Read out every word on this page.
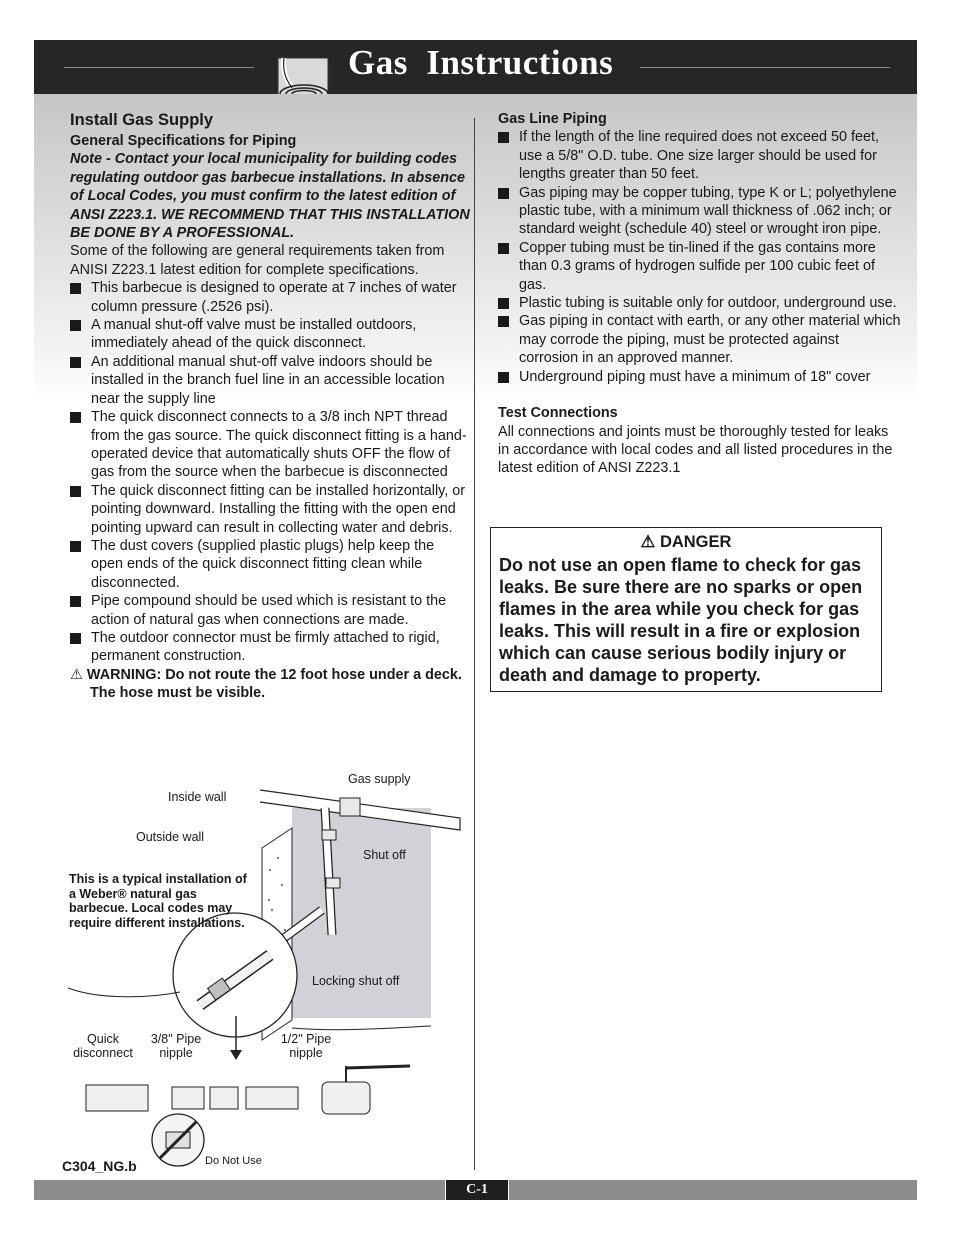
Gas  Instructions
Install Gas Supply
General Specifications for Piping

Note - Contact your local municipality for building codes regulating outdoor gas barbecue installations. In absence of Local Codes, you must confirm to the latest edition of ANSI Z223.1. WE RECOMMEND THAT THIS INSTALLATION BE DONE BY A PROFESSIONAL.

Some of the following are general requirements taken from ANISI Z223.1 latest edition for complete specifications.

This barbecue is designed to operate at 7 inches of water column pressure (.2526 psi).
A manual shut-off valve must be installed outdoors, immediately ahead of the quick disconnect.
An additional manual shut-off valve indoors should be installed in the branch fuel line in an accessible location near the supply line
The quick disconnect connects to a 3/8 inch NPT thread from the gas source. The quick disconnect fitting is a hand-operated device that automatically shuts OFF the flow of gas from the source when the barbecue is disconnected
The quick disconnect fitting can be installed horizontally, or pointing downward. Installing the fitting with the open end pointing upward can result in collecting water and debris.
The dust covers (supplied plastic plugs) help keep the open ends of the quick disconnect fitting clean while disconnected.
Pipe compound should be used which is resistant to the action of natural gas when connections are made.
The outdoor connector must be firmly attached to rigid, permanent construction.

⚠ WARNING: Do not route the 12 foot hose under a deck. The hose must be visible.

Gas Line Piping
If the length of the line required does not exceed 50 feet, use a 5/8" O.D. tube. One size larger should be used for lengths greater than 50 feet.
Gas piping may be copper tubing, type K or L; polyethylene plastic tube, with a minimum wall thickness of .062 inch; or standard weight (schedule 40) steel or wrought iron pipe.
Copper tubing must be tin-lined if the gas contains more than 0.3 grams of hydrogen sulfide per 100 cubic feet of gas.
Plastic tubing is suitable only for outdoor, underground use.
Gas piping in contact with earth, or any other material which may corrode the piping, must be protected against corrosion in an approved manner.
Underground piping must have a minimum of 18" cover
Test Connections

All connections and joints must be thoroughly tested for leaks in accordance with local codes and all listed procedures in the latest edition of ANSI Z223.1

⚠ DANGER
Do not use an open flame to check for gas leaks. Be sure there are no sparks or open flames in the area while you check for gas leaks. This will result in a fire or explosion which can cause serious bodily injury or death and damage to property.
Gas supply
Inside wall
Outside wall
Shut off
This is a typical installation of a Weber® natural gas barbecue. Local codes may require different installations.
Locking shut off
Quick disconnect
3/8" Pipe nipple
1/2" Pipe nipple
Do Not Use
C304_NG.b
C-1
